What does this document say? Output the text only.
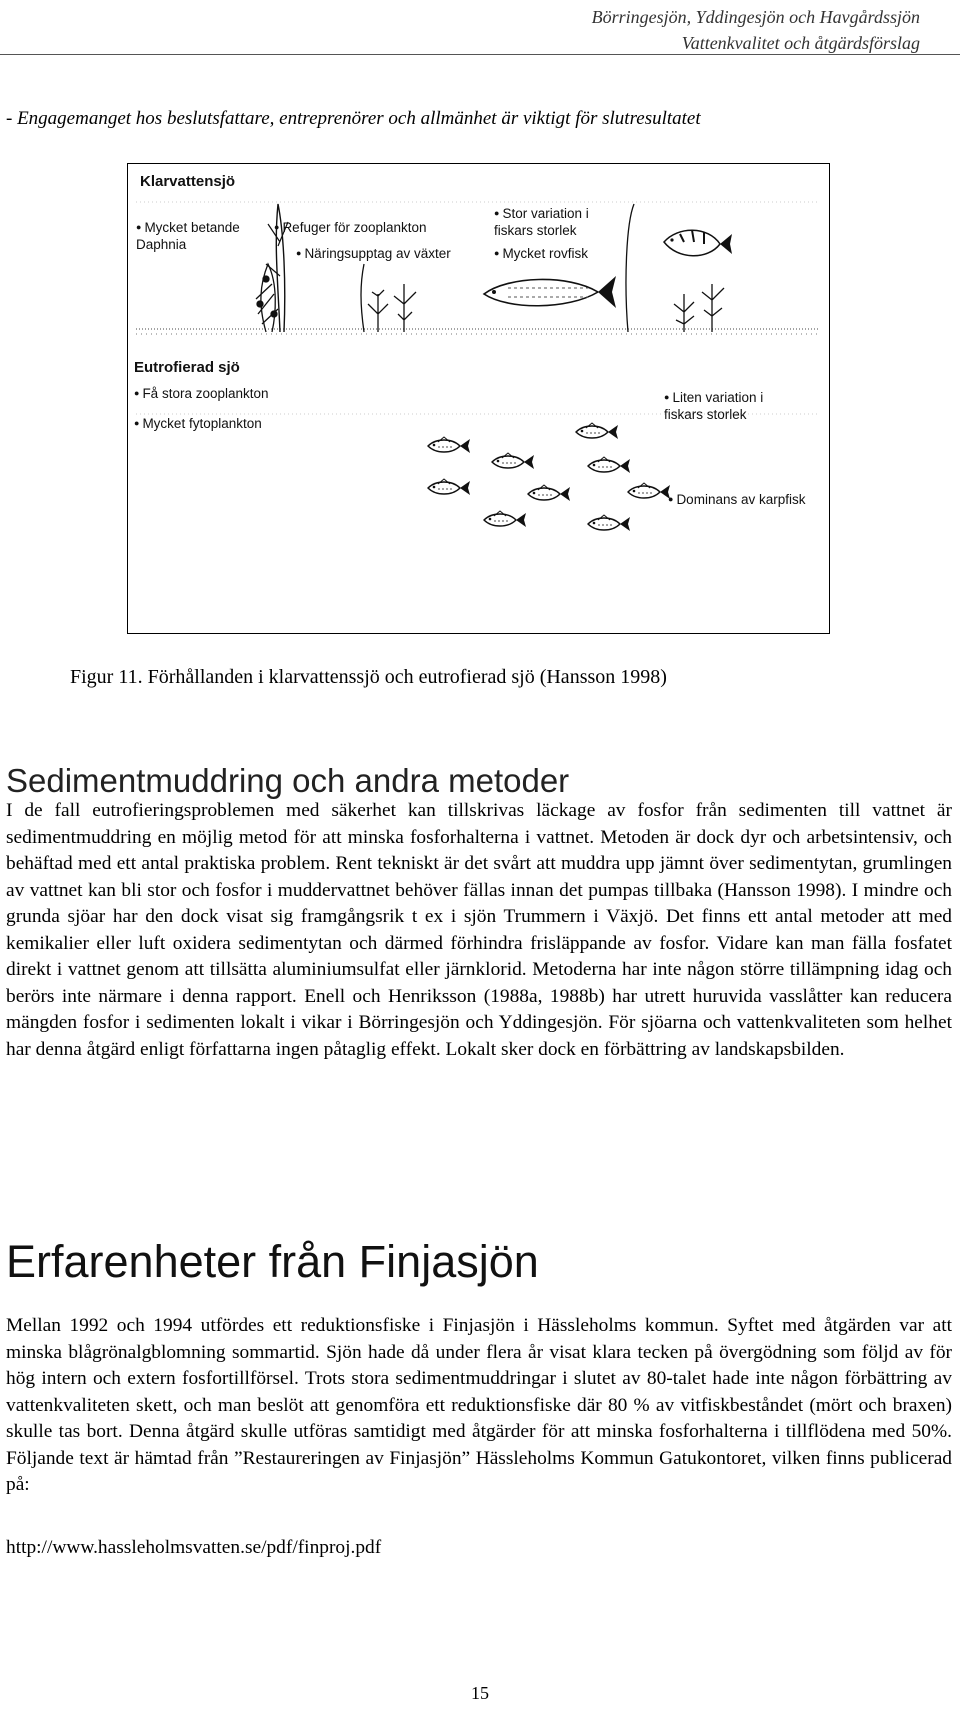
Börringesjön, Yddingesjön och Havgårdssjön
Vattenkvalitet och åtgärdsförslag
- Engagemanget hos beslutsfattare, entreprenörer och allmänhet är viktigt för slutresultatet
Klarvattensjö
● Mycket betande
Daphnia
● Refuger för zooplankton
● Näringsupptag av växter
● Stor variation i
fiskars storlek
● Mycket rovfisk
Eutrofierad sjö
● Få stora zooplankton
● Mycket fytoplankton
● Liten variation i
fiskars storlek
● Dominans av karpfisk
Figur 11. Förhållanden i klarvattenssjö och eutrofierad sjö (Hansson 1998)
Sedimentmuddring och andra metoder

I de fall eutrofieringsproblemen med säkerhet kan tillskrivas läckage av fosfor från sedimenten till vattnet är sedimentmuddring en möjlig metod för att minska fosforhalterna i vattnet. Metoden är dock dyr och arbetsintensiv, och behäftad med ett antal praktiska problem. Rent tekniskt är det svårt att muddra upp jämnt över sedimentytan, grumlingen av vattnet kan bli stor och fosfor i muddervattnet behöver fällas innan det pumpas tillbaka (Hansson 1998). I mindre och grunda sjöar har den dock visat sig framgångsrik t ex i sjön Trummern i Växjö. Det finns ett antal metoder att med kemikalier eller luft oxidera sedimentytan och därmed förhindra frisläppande av fosfor. Vidare kan man fälla fosfatet direkt i vattnet genom att tillsätta aluminiumsulfat eller järnklorid. Metoderna har inte någon större tillämpning idag och berörs inte närmare i denna rapport. Enell och Henriksson (1988a, 1988b) har utrett huruvida vasslåtter kan reducera mängden fosfor i sedimenten lokalt i vikar i Börringesjön och Yddingesjön. För sjöarna och vattenkvaliteten som helhet har denna åtgärd enligt författarna ingen påtaglig effekt. Lokalt sker dock en förbättring av landskapsbilden.

Erfarenheter från Finjasjön

Mellan 1992 och 1994 utfördes ett reduktionsfiske i Finjasjön i Hässleholms kommun. Syftet med åtgärden var att minska blågrönalgblomning sommartid. Sjön hade då under flera år visat klara tecken på övergödning som följd av för hög intern och extern fosfortillförsel. Trots stora sedimentmuddringar i slutet av 80-talet hade inte någon förbättring av vattenkvaliteten skett, och man beslöt att genomföra ett reduktionsfiske där 80 % av vitfiskbeståndet (mört och braxen) skulle tas bort. Denna åtgärd skulle utföras samtidigt med åtgärder för att minska fosforhalterna i tillflödena med 50%. Följande text är hämtad från ”Restaureringen av Finjasjön” Hässleholms Kommun Gatukontoret, vilken finns publicerad på:

http://www.hassleholmsvatten.se/pdf/finproj.pdf
15
